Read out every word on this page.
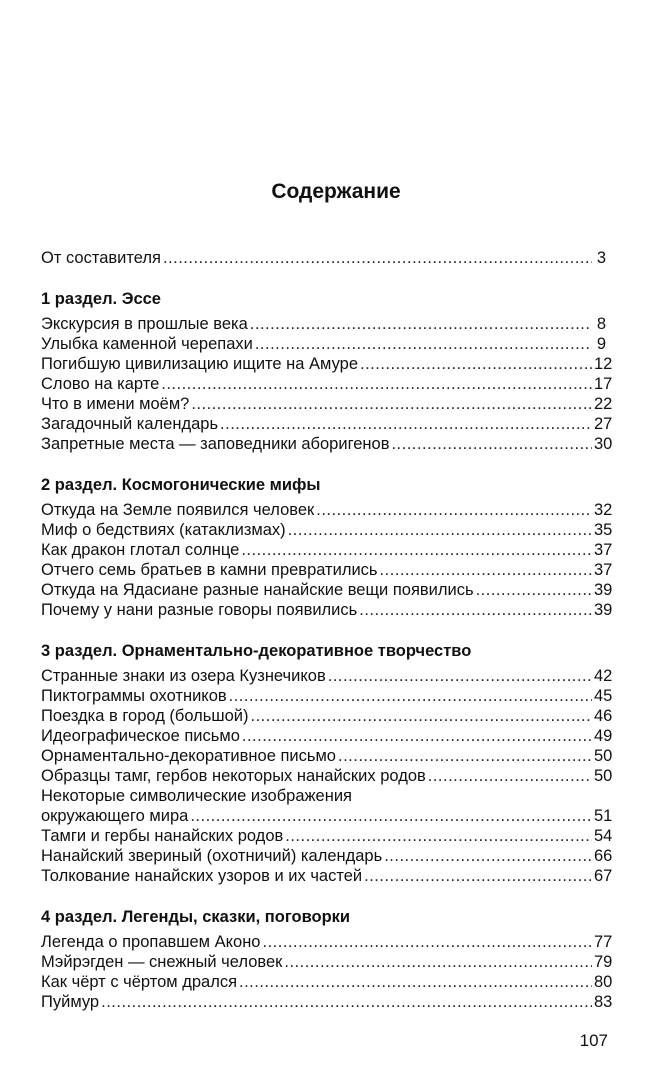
Содержание
От составителя .....	3
1 раздел. Эссе
Экскурсия в прошлые века .....	8
Улыбка каменной черепахи .....	9
Погибшую цивилизацию ищите на Амуре .....	12
Слово на карте .....	17
Что в имени моём? .....	22
Загадочный календарь .....	27
Запретные места — заповедники аборигенов .....	30
2 раздел. Космогонические мифы
Откуда на Земле появился человек .....	32
Миф о бедствиях (катаклизмах) .....	35
Как дракон глотал солнце .....	37
Отчего семь братьев в камни превратились .....	37
Откуда на Ядасиане разные нанайские вещи появились .....	39
Почему у нани разные говоры появились .....	39
3 раздел. Орнаментально-декоративное творчество
Странные знаки из озера Кузнечиков .....	42
Пиктограммы охотников .....	45
Поездка в город (большой) .....	46
Идеографическое письмо .....	49
Орнаментально-декоративное письмо .....	50
Образцы тамг, гербов некоторых нанайских родов .....	50
Некоторые символические изображения
окружающего мира .....	51
Тамги и гербы нанайских родов .....	54
Нанайский звериный (охотничий) календарь .....	66
Толкование нанайских узоров и их частей .....	67
4 раздел. Легенды, сказки, поговорки
Легенда о пропавшем Аконо .....	77
Мэйрэгден — снежный человек .....	79
Как чёрт с чёртом дрался .....	80
Пуймур .....	83
107
